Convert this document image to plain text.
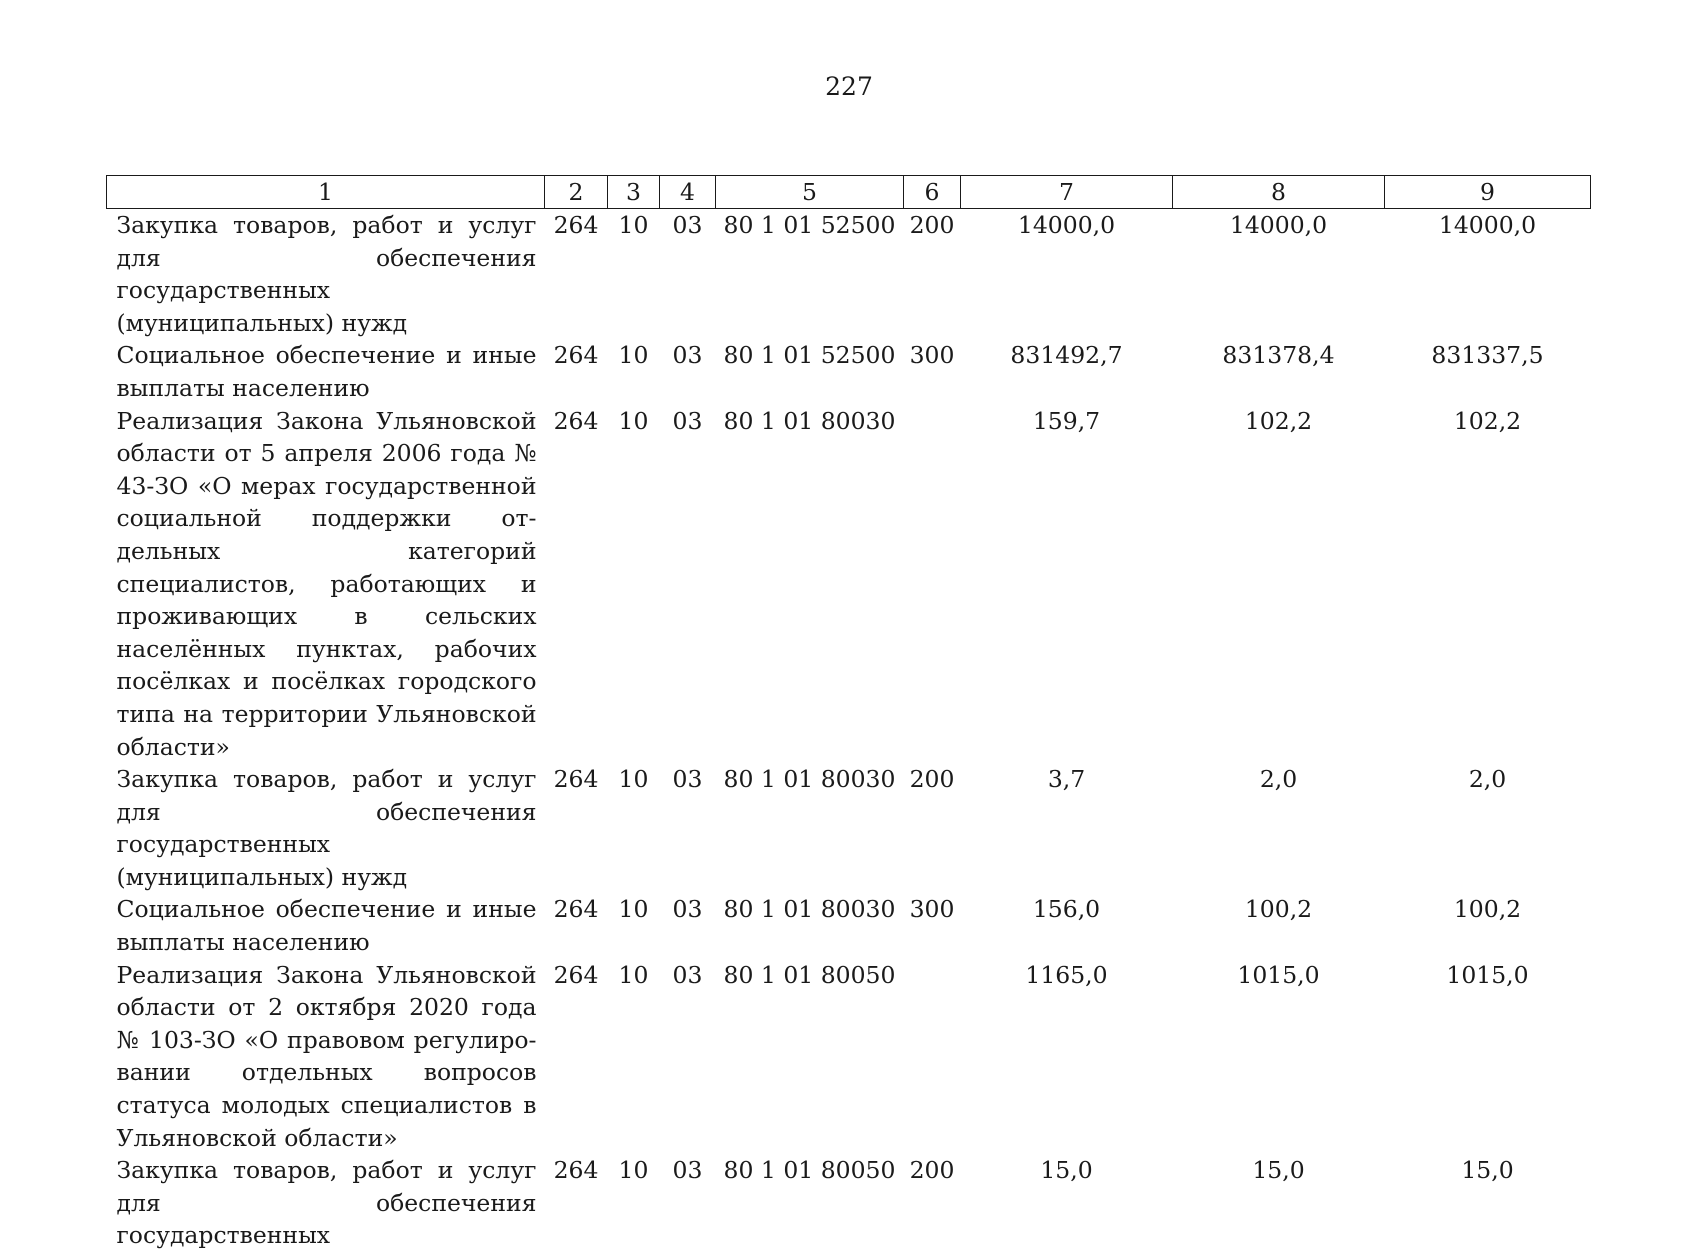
227
1	2	3	4	5	6	7	8	9
Закупка товаров, работ и услуг для обеспечения государственных (муниципальных) нужд	264	10	03	80 1 01 52500	200	14000,0	14000,0	14000,0
Социальное обеспечение и иные выплаты населению	264	10	03	80 1 01 52500	300	831492,7	831378,4	831337,5
Реализация Закона Ульяновской области от 5 апреля 2006 года № 43-ЗО «О мерах государственной социальной поддержки отдельных категорий специалистов, работающих и проживающих в сельских населённых пунктах, рабочих посёлках и посёлках городского типа на территории Ульяновской области»	264	10	03	80 1 01 80030		159,7	102,2	102,2
Закупка товаров, работ и услуг для обеспечения государственных (муниципальных) нужд	264	10	03	80 1 01 80030	200	3,7	2,0	2,0
Социальное обеспечение и иные выплаты населению	264	10	03	80 1 01 80030	300	156,0	100,2	100,2
Реализация Закона Ульяновской области от 2 октября 2020 года № 103-ЗО «О правовом регулировании отдельных вопросов статуса молодых специалистов в Ульяновской области»	264	10	03	80 1 01 80050		1165,0	1015,0	1015,0
Закупка товаров, работ и услуг для обеспечения государственных	264	10	03	80 1 01 80050	200	15,0	15,0	15,0
